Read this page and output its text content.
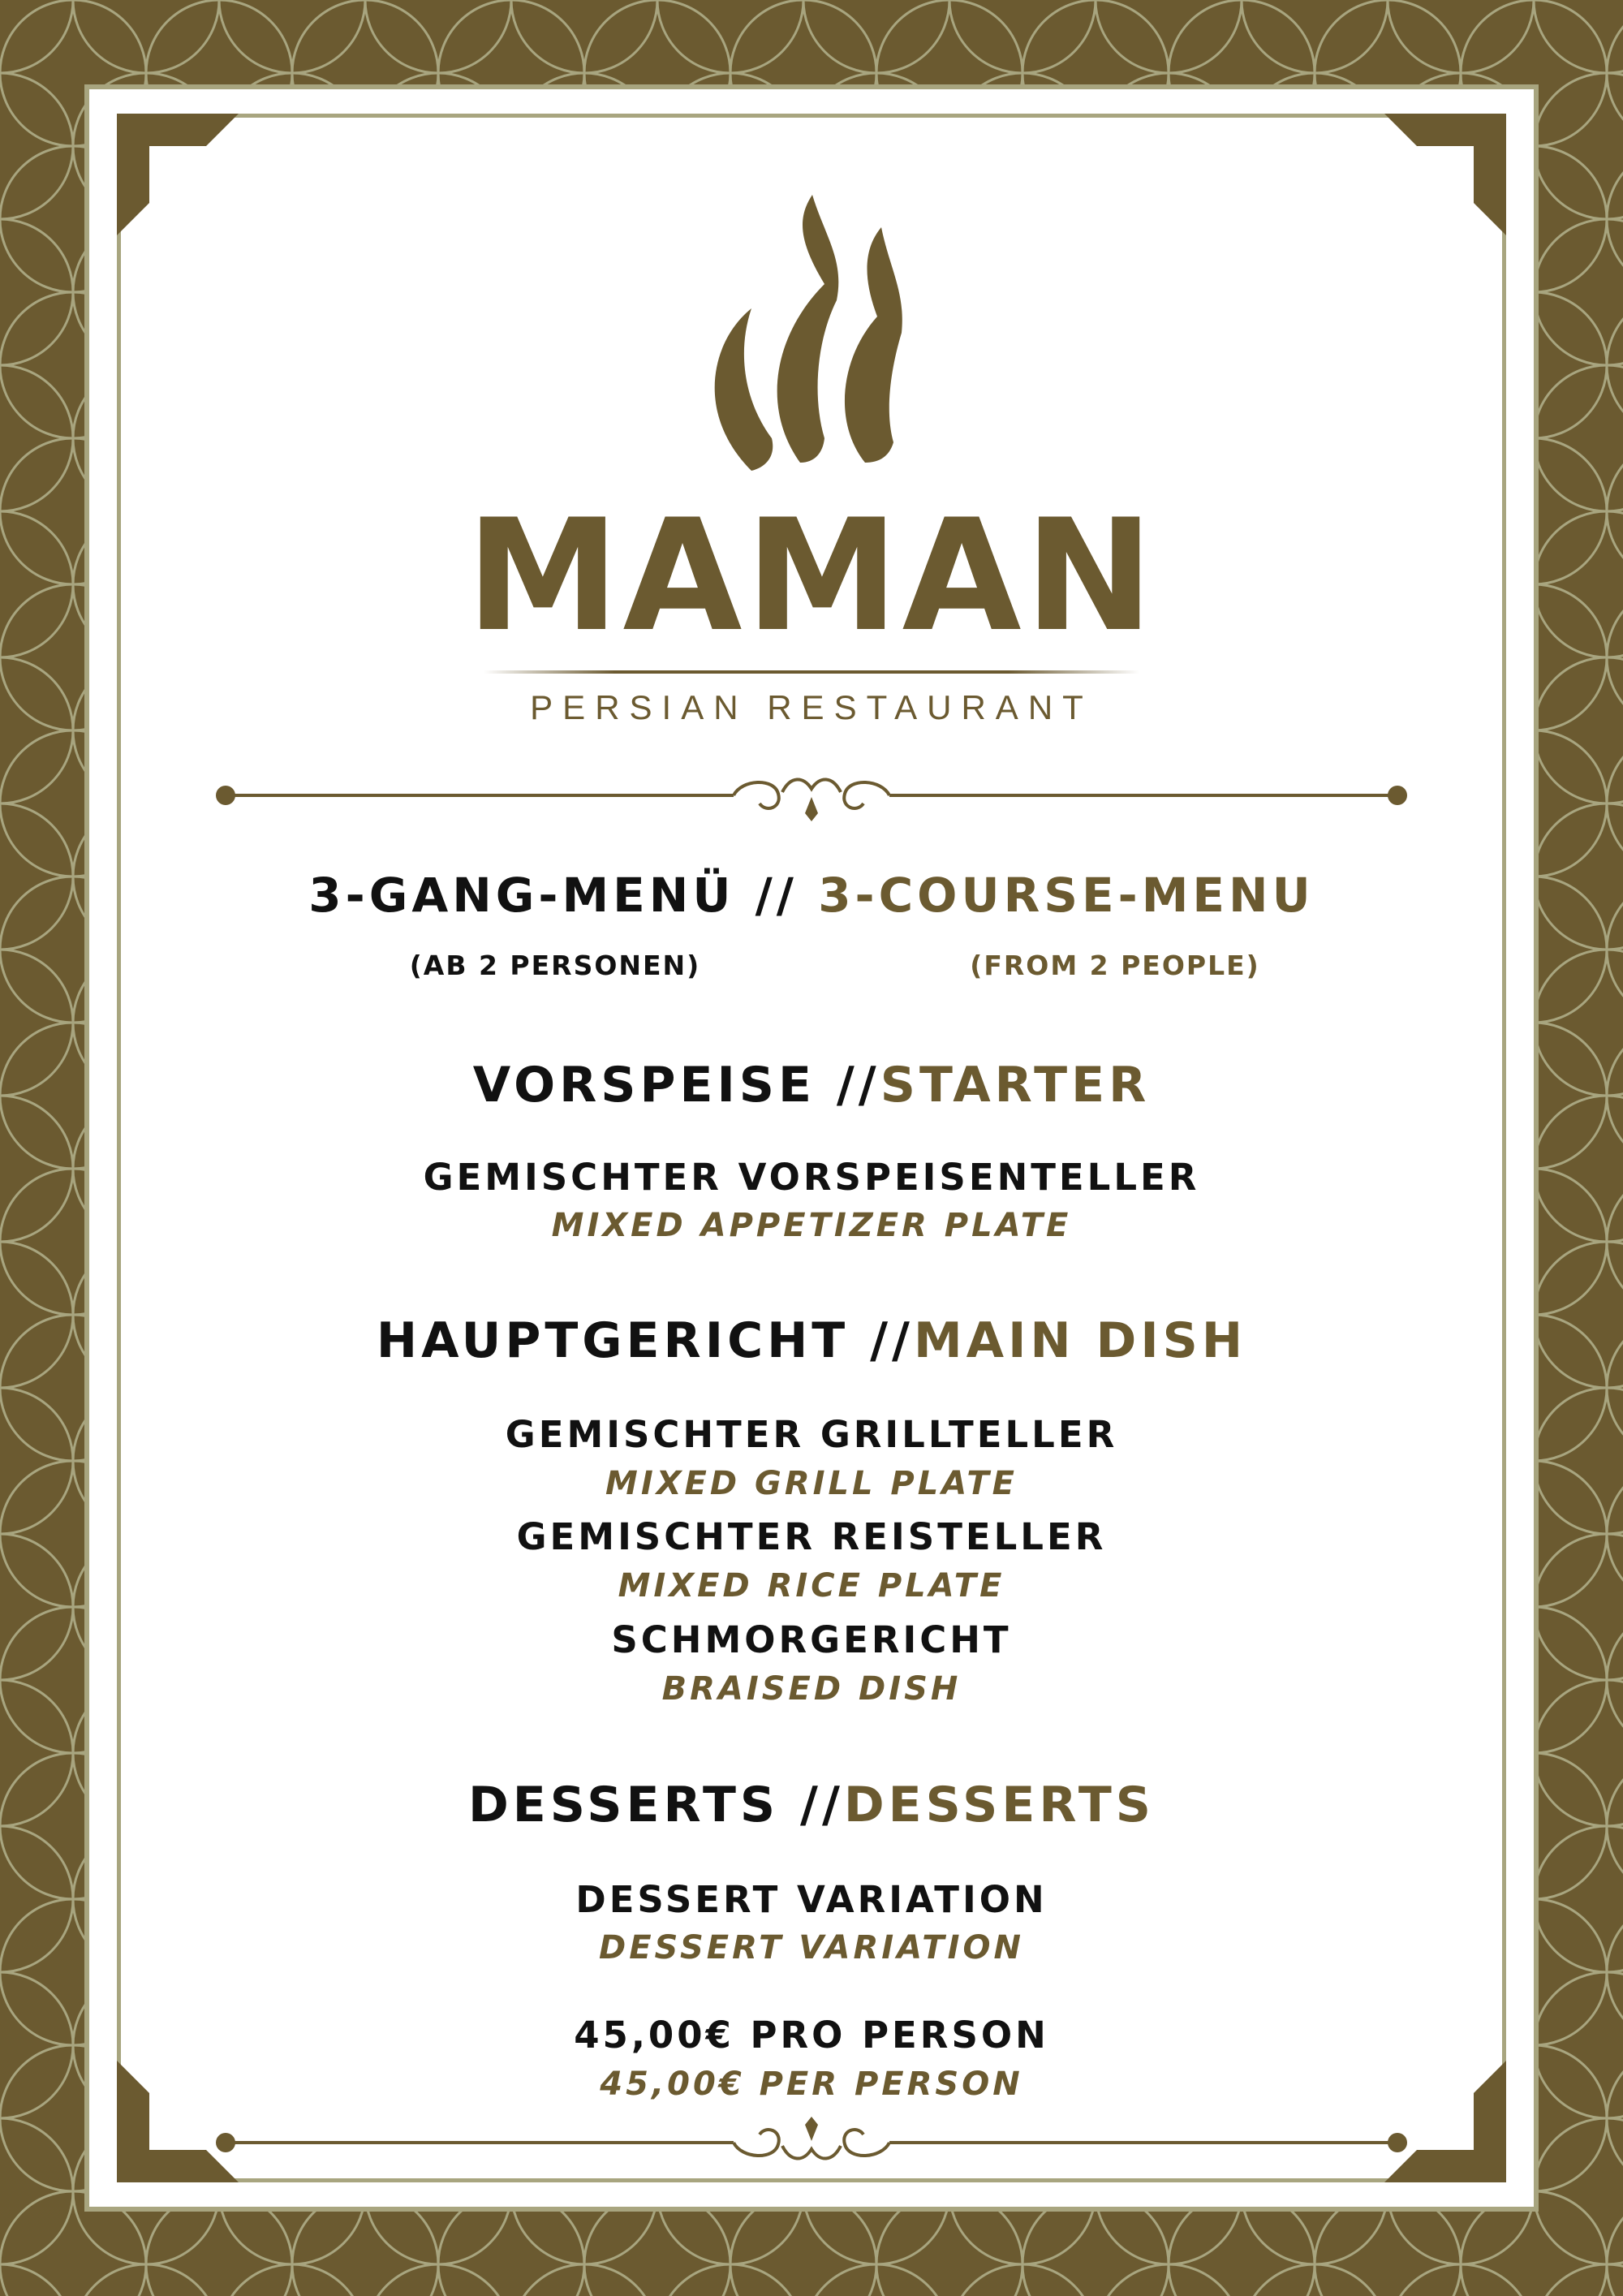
MAMAN
PERSIAN RESTAURANT
3-GANG-MENÜ // 3-COURSE-MENU
(AB 2 PERSONEN)	(FROM 2 PEOPLE)
VORSPEISE //STARTER
GEMISCHTER VORSPEISENTELLER
MIXED APPETIZER PLATE
HAUPTGERICHT //MAIN DISH
GEMISCHTER GRILLTELLER
MIXED GRILL PLATE
GEMISCHTER REISTELLER
MIXED RICE PLATE
SCHMORGERICHT
BRAISED DISH
DESSERTS //DESSERTS
DESSERT VARIATION
DESSERT VARIATION
45,00€ PRO PERSON
45,00€ PER PERSON
